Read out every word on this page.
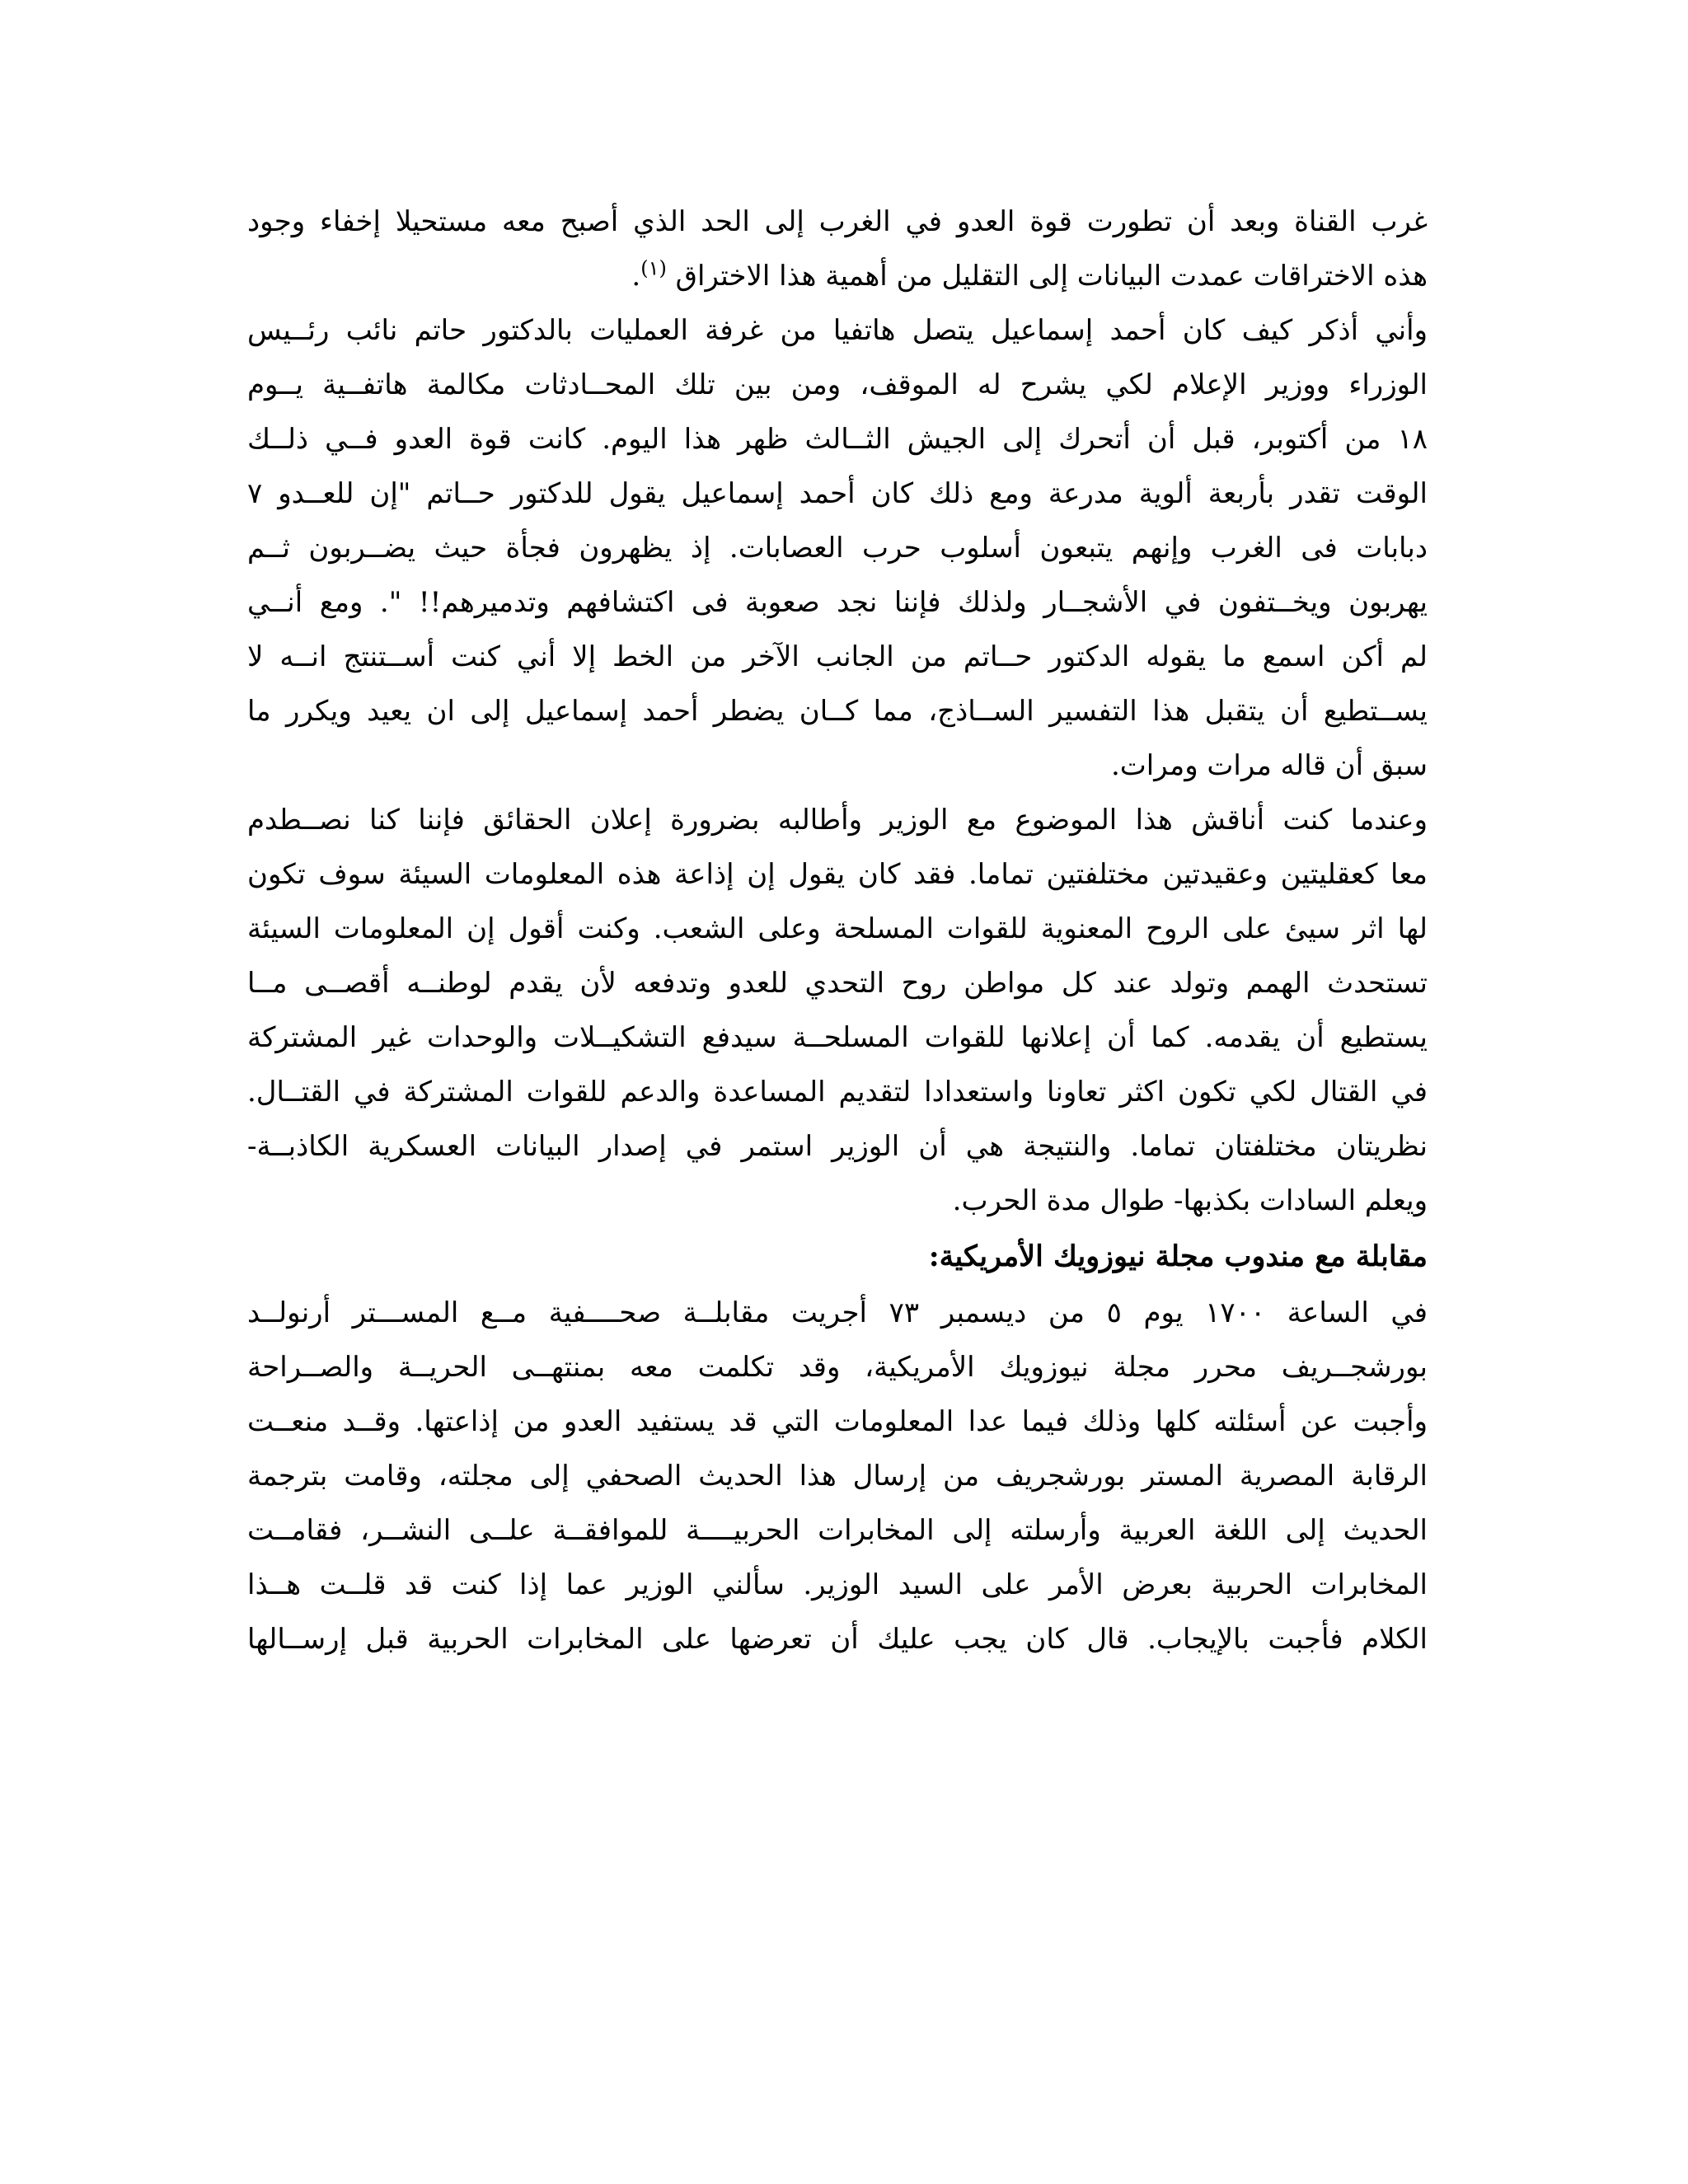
غرب القناة وبعد أن تطورت قوة العدو في الغرب إلى الحد الذي أصبح معه مستحيلا إخفاء وجود
هذه الاختراقات عمدت البيانات إلى التقليل من أهمية هذا الاختراق $^{(١)}$.
وأني أذكر كيف كان أحمد إسماعيل يتصل هاتفيا من غرفة العمليات بالدكتور حاتم نائب رئــيس
الوزراء ووزير الإعلام لكي يشرح له الموقف، ومن بين تلك المحــادثات مكالمة هاتفــية يــوم
١٨ من أكتوبر، قبل أن أتحرك إلى الجيش الثــالث ظهر هذا اليوم. كانت قوة العدو فــي ذلــك
الوقت تقدر بأربعة ألوية مدرعة ومع ذلك كان أحمد إسماعيل يقول للدكتور حــاتم "إن للعــدو ٧
دبابات فى الغرب وإنهم يتبعون أسلوب حرب العصابات. إذ يظهرون فجأة حيث يضــربون ثــم
يهربون ويخــتفون في الأشجــار ولذلك فإننا نجد صعوبة فى اكتشافهم وتدميرهم!! ". ومع أنــي
لم أكن اسمع ما يقوله الدكتور حــاتم من الجانب الآخر من الخط إلا أني كنت أســتنتج انــه لا
يســتطيع أن يتقبل هذا التفسير الســاذج، مما كــان يضطر أحمد إسماعيل إلى ان يعيد ويكرر ما
سبق أن قاله مرات ومرات.
وعندما كنت أناقش هذا الموضوع مع الوزير وأطالبه بضرورة إعلان الحقائق فإننا كنا نصــطدم
معا كعقليتين وعقيدتين مختلفتين تماما. فقد كان يقول إن إذاعة هذه المعلومات السيئة سوف تكون
لها اثر سيئ على الروح المعنوية للقوات المسلحة وعلى الشعب. وكنت أقول إن المعلومات السيئة
تستحدث الهمم وتولد عند كل مواطن روح التحدي للعدو وتدفعه لأن يقدم لوطنــه أقصــى مــا
يستطيع أن يقدمه. كما أن إعلانها للقوات المسلحــة سيدفع التشكيــلات والوحدات غير المشتركة
في القتال لكي تكون اكثر تعاونا واستعدادا لتقديم المساعدة والدعم للقوات المشتركة في القتــال.
نظريتان مختلفتان تماما. والنتيجة هي أن الوزير استمر في إصدار البيانات العسكرية الكاذبــة-
ويعلم السادات بكذبها- طوال مدة الحرب.
مقابلة مع مندوب مجلة نيوزويك الأمريكية:
في الساعة ١٧٠٠ يوم ٥ من ديسمبر ٧٣ أجريت مقابلــة صحــــفية مــع المســـتر أرنولــد
بورشجــريف محرر مجلة نيوزويك الأمريكية، وقد تكلمت معه بمنتهــى الحريــة والصــراحة
وأجبت عن أسئلته كلها وذلك فيما عدا المعلومات التي قد يستفيد العدو من إذاعتها. وقــد منعــت
الرقابة المصرية المستر بورشجريف من إرسال هذا الحديث الصحفي إلى مجلته، وقامت بترجمة
الحديث إلى اللغة العربية وأرسلته إلى المخابرات الحربيــــة للموافقــة علــى النشــر، فقامــت
المخابرات الحربية بعرض الأمر على السيد الوزير. سألني الوزير عما إذا كنت قد قلــت هــذا
الكلام فأجبت بالإيجاب. قال كان يجب عليك أن تعرضها على المخابرات الحربية قبل إرســالها
